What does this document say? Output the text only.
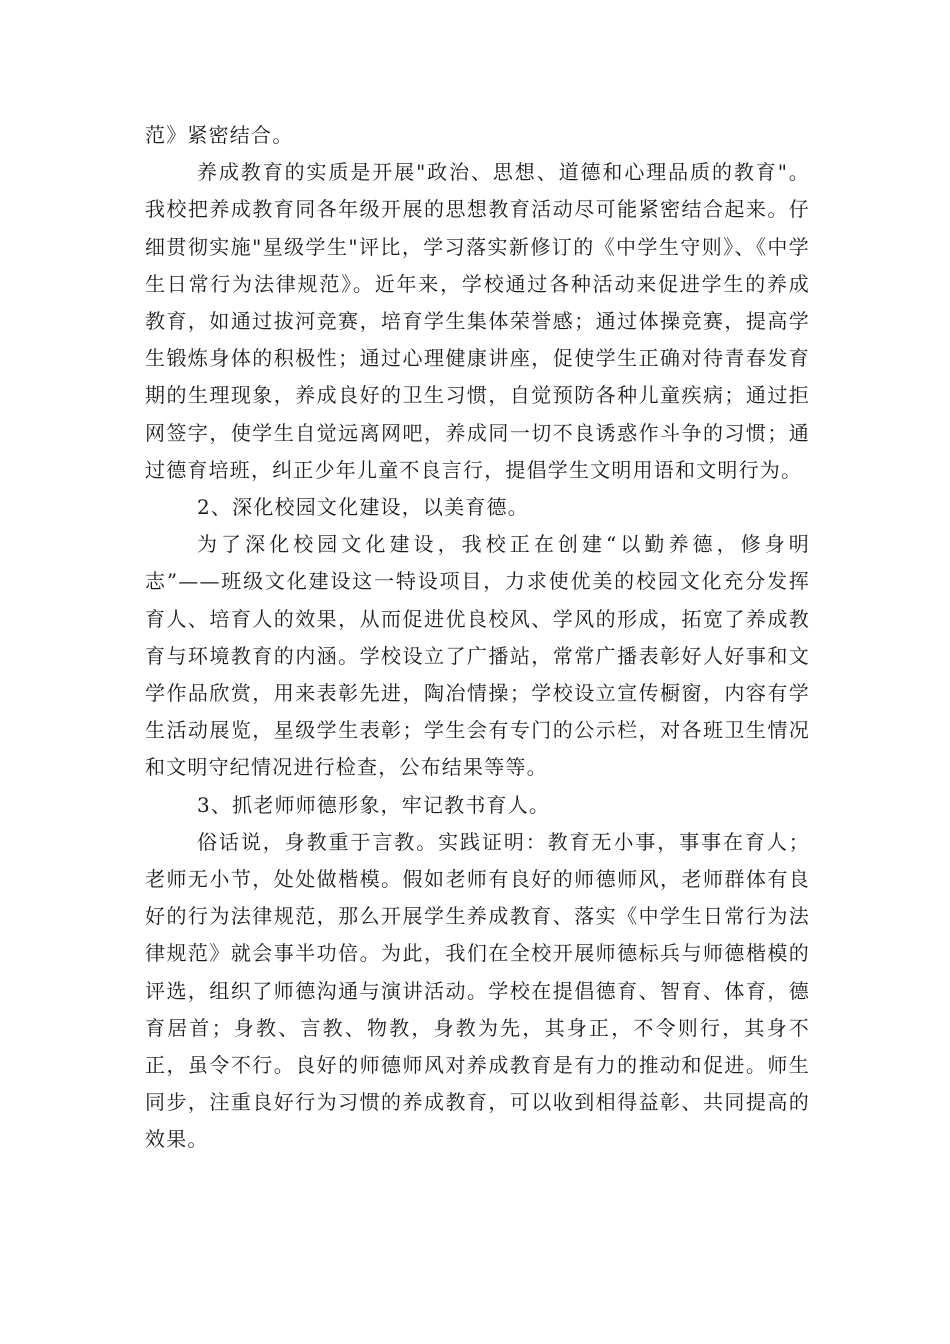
范》紧密结合。

养成教育的实质是开展"政治、思想、道德和心理品质的教育"。我校把养成教育同各年级开展的思想教育活动尽可能紧密结合起来。仔细贯彻实施"星级学生"评比，学习落实新修订的《中学生守则》、《中学生日常行为法律规范》。近年来，学校通过各种活动来促进学生的养成教育，如通过拔河竞赛，培育学生集体荣誉感；通过体操竞赛，提高学生锻炼身体的积极性；通过心理健康讲座，促使学生正确对待青春发育期的生理现象，养成良好的卫生习惯，自觉预防各种儿童疾病；通过拒网签字，使学生自觉远离网吧，养成同一切不良诱惑作斗争的习惯；通过德育培班，纠正少年儿童不良言行，提倡学生文明用语和文明行为。

2、深化校园文化建设，以美育德。

为了深化校园文化建设，我校正在创建“以勤养德，修身明志”——班级文化建设这一特设项目，力求使优美的校园文化充分发挥育人、培育人的效果，从而促进优良校风、学风的形成，拓宽了养成教育与环境教育的内涵。学校设立了广播站，常常广播表彰好人好事和文学作品欣赏，用来表彰先进，陶冶情操；学校设立宣传橱窗，内容有学生活动展览，星级学生表彰；学生会有专门的公示栏，对各班卫生情况和文明守纪情况进行检查，公布结果等等。

3、抓老师师德形象，牢记教书育人。

俗话说，身教重于言教。实践证明：教育无小事，事事在育人；老师无小节，处处做楷模。假如老师有良好的师德师风，老师群体有良好的行为法律规范，那么开展学生养成教育、落实《中学生日常行为法律规范》就会事半功倍。为此，我们在全校开展师德标兵与师德楷模的评选，组织了师德沟通与演讲活动。学校在提倡德育、智育、体育，德育居首；身教、言教、物教，身教为先，其身正，不令则行，其身不正，虽令不行。良好的师德师风对养成教育是有力的推动和促进。师生同步，注重良好行为习惯的养成教育，可以收到相得益彰、共同提高的效果。
